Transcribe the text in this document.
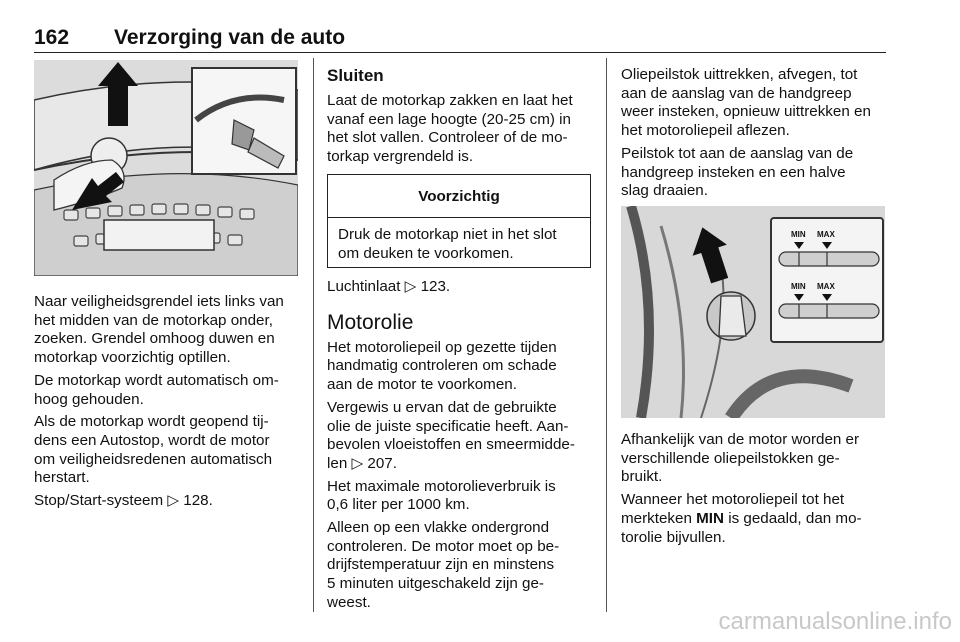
162 Verzorging van de auto

Naar veiligheidsgrendel iets links van
het midden van de motorkap onder,
zoeken. Grendel omhoog duwen en
motorkap voorzichtig optillen.

De motorkap wordt automatisch om-
hoog gehouden.

Als de motorkap wordt geopend tij-
dens een Autostop, wordt de motor
om veiligheidsredenen automatisch
herstart.

Stop/Start-systeem ▷ 128.

Sluiten

Laat de motorkap zakken en laat het
vanaf een lage hoogte (20-25 cm) in
het slot vallen. Controleer of de mo-
torkap vergrendeld is.

Voorzichtig

Druk de motorkap niet in het slot
om deuken te voorkomen.

Luchtinlaat ▷ 123.

Motorolie

Het motoroliepeil op gezette tijden
handmatig controleren om schade
aan de motor te voorkomen.

Vergewis u ervan dat de gebruikte
olie de juiste specificatie heeft. Aan-
bevolen vloeistoffen en smeermidde-
len ▷ 207.

Het maximale motorolieverbruik is
0,6 liter per 1000 km.

Alleen op een vlakke ondergrond
controleren. De motor moet op be-
drijfstemperatuur zijn en minstens
5 minuten uitgeschakeld zijn ge-
weest.

Oliepeilstok uittrekken, afvegen, tot
aan de aanslag van de handgreep
weer insteken, opnieuw uittrekken en
het motoroliepeil aflezen.

Peilstok tot aan de aanslag van de
handgreep insteken en een halve
slag draaien.

MIN MAX
MIN MAX

Afhankelijk van de motor worden er
verschillende oliepeilstokken ge-
bruikt.

Wanneer het motoroliepeil tot het
merkteken MIN is gedaald, dan mo-
torolie bijvullen.

carmanualsonline.info
